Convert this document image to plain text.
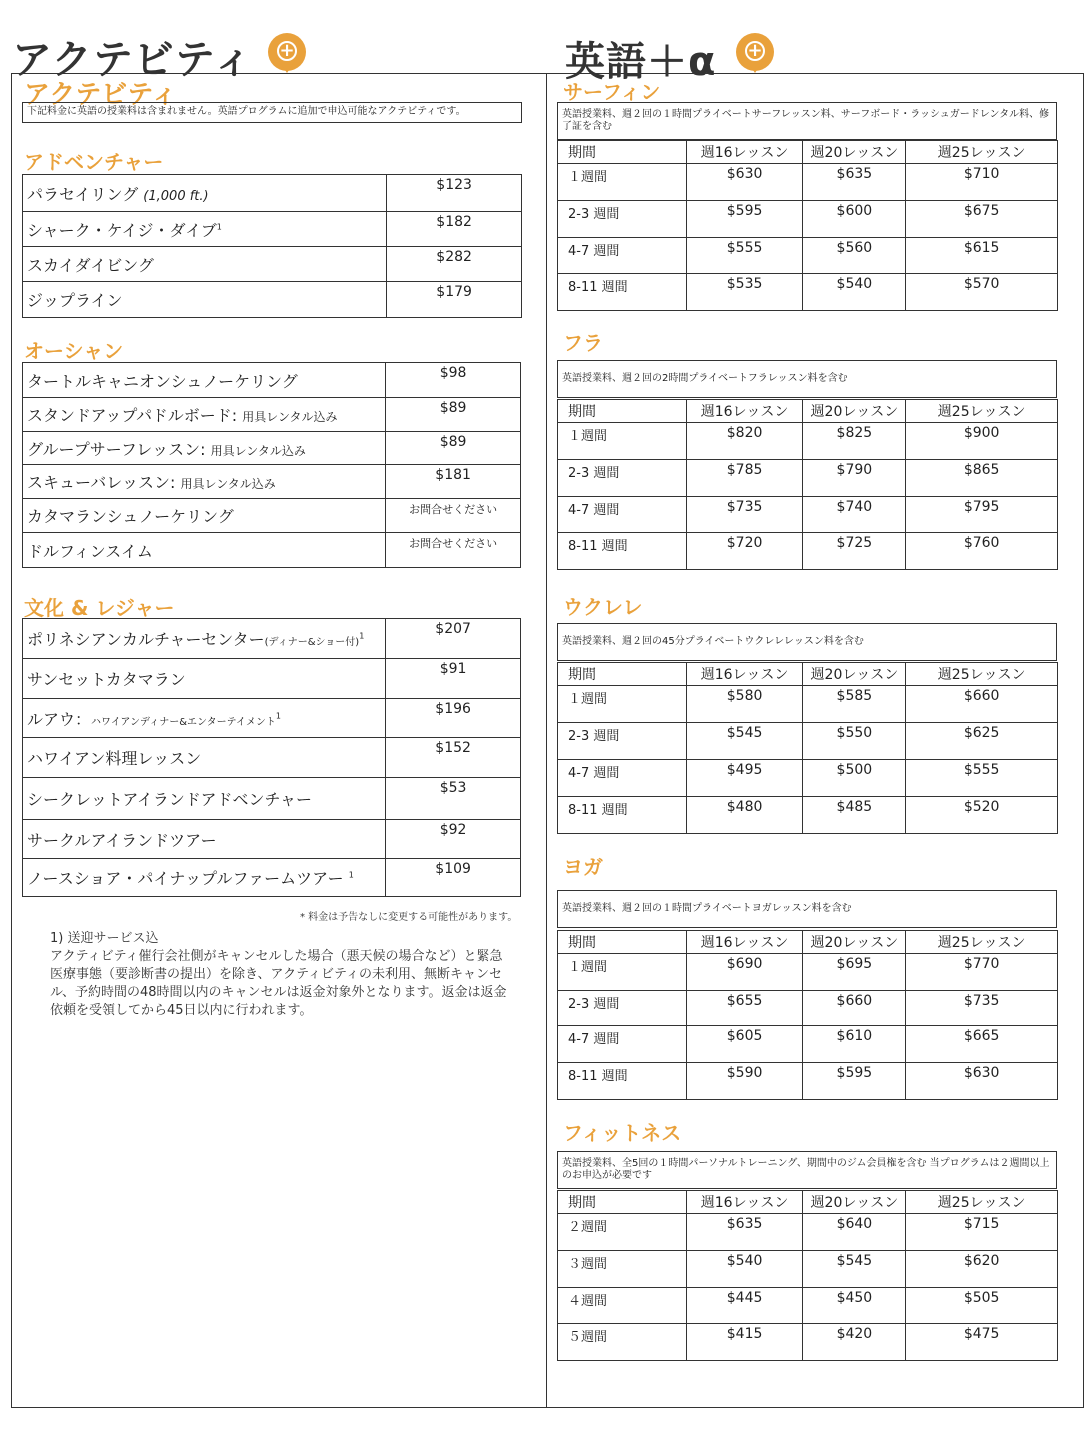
アクテビティ +	英語＋α +
アクテビティ
下記料金に英語の授業料は含まれません。英語プログラムに追加で申込可能なアクテビティです。
アドベンチャー
パラセイリング (1,000 ft.)	$123
シャーク・ケイジ・ダイブ$^1$	$182
スカイダイビング	$282
ジップライン	$179
オーシャン
タートルキャニオンシュノーケリング	$98
スタンドアップパドルボード: 用具レンタル込み	$89
グループサーフレッスン: 用具レンタル込み	$89
スキューバレッスン: 用具レンタル込み	$181
カタマランシュノーケリング	お問合せください
ドルフィンスイム	お問合せください
文化 & レジャー
ポリネシアンカルチャーセンター(ディナー&ショー付)$^1$	$207
サンセットカタマラン	$91
ルアウ：ハワイアンディナー&エンターテイメント$^1$	$196
ハワイアン料理レッスン	$152
シークレットアイランドアドベンチャー	$53
サークルアイランドツアー	$92
ノースショア・パイナップルファームツアー $^1$	$109
* 料金は予告なしに変更する可能性があります。
1) 送迎サービス込
アクティビティ催行会社側がキャンセルした場合（悪天候の場合など）と緊急医療事態（要診断書の提出）を除き、アクティビティの未利用、無断キャンセル、予約時間の48時間以内のキャンセルは返金対象外となります。返金は返金依頼を受領してから45日以内に行われます。
サーフィン
英語授業料、週２回の１時間プライベートサーフレッスン料、サーフボード・ラッシュガードレンタル料、修了証を含む
期間	週16レッスン	週20レッスン	週25レッスン
１週間	$630	$635	$710
2-3 週間	$595	$600	$675
4-7 週間	$555	$560	$615
8-11 週間	$535	$540	$570
フラ
英語授業料、週２回の2時間プライベートフラレッスン料を含む
期間	週16レッスン	週20レッスン	週25レッスン
１週間	$820	$825	$900
2-3 週間	$785	$790	$865
4-7 週間	$735	$740	$795
8-11 週間	$720	$725	$760
ウクレレ
英語授業料、週２回の45分プライベートウクレレレッスン料を含む
期間	週16レッスン	週20レッスン	週25レッスン
１週間	$580	$585	$660
2-3 週間	$545	$550	$625
4-7 週間	$495	$500	$555
8-11 週間	$480	$485	$520
ヨガ
英語授業料、週２回の１時間プライベートヨガレッスン料を含む
期間	週16レッスン	週20レッスン	週25レッスン
１週間	$690	$695	$770
2-3 週間	$655	$660	$735
4-7 週間	$605	$610	$665
8-11 週間	$590	$595	$630
フィットネス
英語授業料、全5回の１時間パーソナルトレーニング、期間中のジム会員権を含む 当プログラムは２週間以上のお申込が必要です
期間	週16レッスン	週20レッスン	週25レッスン
２週間	$635	$640	$715
３週間	$540	$545	$620
４週間	$445	$450	$505
５週間	$415	$420	$475
